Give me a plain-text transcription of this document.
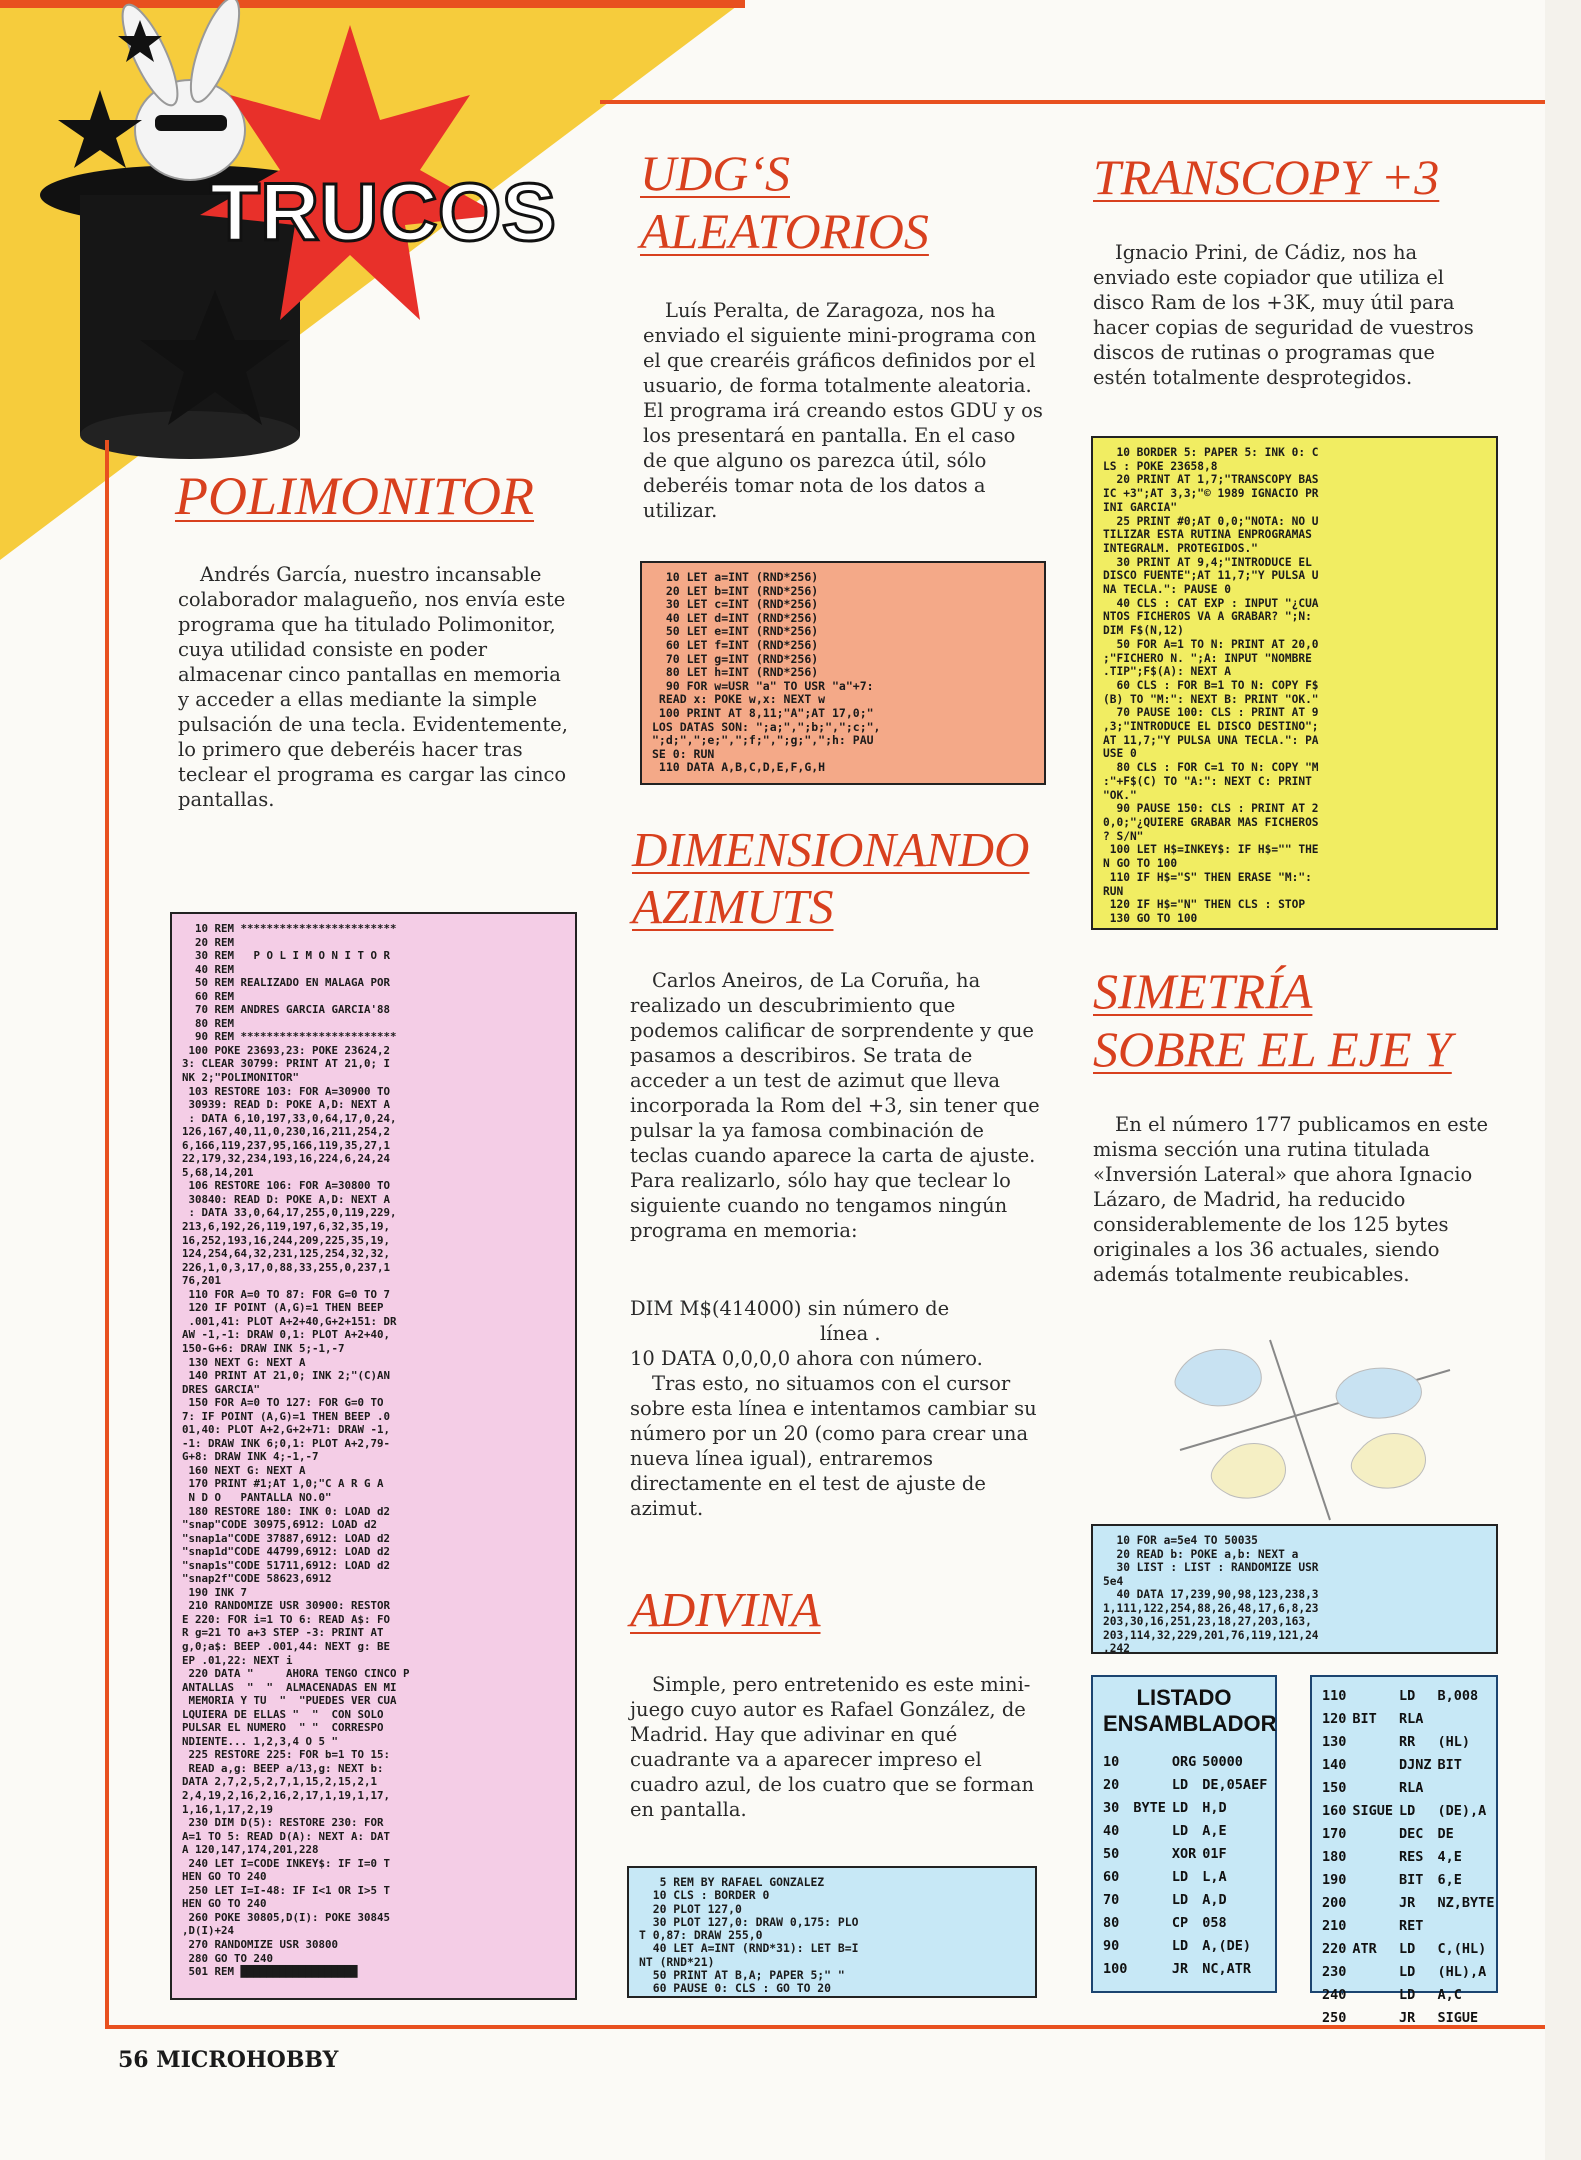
TRUCOS
POLIMONITOR

Andrés García, nuestro incansable colaborador malagueño, nos envía este programa que ha titulado Polimonitor, cuya utilidad consiste en poder almacenar cinco pantallas en memoria y acceder a ellas mediante la simple pulsación de una tecla. Evidentemente, lo primero que deberéis hacer tras teclear el programa es cargar las cinco pantallas.

10 REM ************************
20 REM
30 REM   P O L I M O N I T O R
40 REM
50 REM REALIZADO EN MALAGA POR
60 REM
70 REM ANDRES GARCIA GARCIA'88
80 REM
90 REM ************************
100 POKE 23693,23: POKE 23624,2
3: CLEAR 30799: PRINT AT 21,0; I
NK 2;"POLIMONITOR"
103 RESTORE 103: FOR A=30900 TO
30939: READ D: POKE A,D: NEXT A
: DATA 6,10,197,33,0,64,17,0,24,
126,167,40,11,0,230,16,211,254,2
6,166,119,237,95,166,119,35,27,1
22,179,32,234,193,16,224,6,24,24
5,68,14,201
106 RESTORE 106: FOR A=30800 TO
30840: READ D: POKE A,D: NEXT A
: DATA 33,0,64,17,255,0,119,229,
213,6,192,26,119,197,6,32,35,19,
16,252,193,16,244,209,225,35,19,
124,254,64,32,231,125,254,32,32,
226,1,0,3,17,0,88,33,255,0,237,1
76,201
110 FOR A=0 TO 87: FOR G=0 TO 7
120 IF POINT (A,G)=1 THEN BEEP
.001,41: PLOT A+2+40,G+2+151: DR
AW -1,-1: DRAW 0,1: PLOT A+2+40,
150-G+6: DRAW INK 5;-1,-7
130 NEXT G: NEXT A
140 PRINT AT 21,0; INK 2;"(C)AN
DRES GARCIA"
150 FOR A=0 TO 127: FOR G=0 TO
7: IF POINT (A,G)=1 THEN BEEP .0
01,40: PLOT A+2,G+2+71: DRAW -1,
-1: DRAW INK 6;0,1: PLOT A+2,79-
G+8: DRAW INK 4;-1,-7
160 NEXT G: NEXT A
170 PRINT #1;AT 1,0;"C A R G A
N D O   PANTALLA NO.0"
180 RESTORE 180: INK 0: LOAD d2
"snap"CODE 30975,6912: LOAD d2
"snap1a"CODE 37887,6912: LOAD d2
"snap1d"CODE 44799,6912: LOAD d2
"snap1s"CODE 51711,6912: LOAD d2
"snap2f"CODE 58623,6912
190 INK 7
210 RANDOMIZE USR 30900: RESTOR
E 220: FOR i=1 TO 6: READ A$: FO
R g=21 TO a+3 STEP -3: PRINT AT
g,0;a$: BEEP .001,44: NEXT g: BE
EP .01,22: NEXT i
220 DATA "     AHORA TENGO CINCO P
ANTALLAS  "  "  ALMACENADAS EN MI
MEMORIA Y TU  "  "PUEDES VER CUA
LQUIERA DE ELLAS "  "  CON SOLO
PULSAR EL NUMERO  " "  CORRESPO
NDIENTE... 1,2,3,4 O 5 "
225 RESTORE 225: FOR b=1 TO 15:
READ a,g: BEEP a/13,g: NEXT b:
DATA 2,7,2,5,2,7,1,15,2,15,2,1
2,4,19,2,16,2,16,2,17,1,19,1,17,
1,16,1,17,2,19
230 DIM D(5): RESTORE 230: FOR
A=1 TO 5: READ D(A): NEXT A: DAT
A 120,147,174,201,228
240 LET I=CODE INKEY$: IF I=0 T
HEN GO TO 240
250 LET I=I-48: IF I<1 OR I>5 T
HEN GO TO 240
260 POKE 30805,D(I): POKE 30845
,D(I)+24
270 RANDOMIZE USR 30800
280 GO TO 240
501 REM ██████████████████
UDG‘S
ALEATORIOS

Luís Peralta, de Zaragoza, nos ha enviado el siguiente mini-programa con el que crearéis gráficos definidos por el usuario, de forma totalmente aleatoria. El programa irá creando estos GDU y os los presentará en pantalla. En el caso de que alguno os parezca útil, sólo deberéis tomar nota de los datos a utilizar.

10 LET a=INT (RND*256)
20 LET b=INT (RND*256)
30 LET c=INT (RND*256)
40 LET d=INT (RND*256)
50 LET e=INT (RND*256)
60 LET f=INT (RND*256)
70 LET g=INT (RND*256)
80 LET h=INT (RND*256)
90 FOR w=USR "a" TO USR "a"+7:
READ x: POKE w,x: NEXT w
100 PRINT AT 8,11;"A";AT 17,0;"
LOS DATAS SON: ";a;",";b;",";c;",
";d;",";e;",";f;",";g;",";h: PAU
SE 0: RUN
110 DATA A,B,C,D,E,F,G,H
DIMENSIONANDO
AZIMUTS

Carlos Aneiros, de La Coruña, ha realizado un descubrimiento que podemos calificar de sorprendente y que pasamos a describiros. Se trata de acceder a un test de azimut que lleva incorporada la Rom del +3, sin tener que pulsar la ya famosa combinación de teclas cuando aparece la carta de ajuste. Para realizarlo, sólo hay que teclear lo siguiente cuando no tengamos ningún programa en memoria:

DIM M$(414000) sin número de
línea .
10 DATA 0,0,0,0 ahora con número.

Tras esto, no situamos con el cursor sobre esta línea e intentamos cambiar su número por un 20 (como para crear una nueva línea igual), entraremos directamente en el test de ajuste de azimut.

ADIVINA

Simple, pero entretenido es este mini-juego cuyo autor es Rafael González, de Madrid. Hay que adivinar en qué cuadrante va a aparecer impreso el cuadro azul, de los cuatro que se forman en pantalla.

5 REM BY RAFAEL GONZALEZ
10 CLS : BORDER 0
20 PLOT 127,0
30 PLOT 127,0: DRAW 0,175: PLO
T 0,87: DRAW 255,0
40 LET A=INT (RND*31): LET B=I
NT (RND*21)
50 PRINT AT B,A; PAPER 5;" "
60 PAUSE 0: CLS : GO TO 20
TRANSCOPY +3

Ignacio Prini, de Cádiz, nos ha enviado este copiador que utiliza el disco Ram de los +3K, muy útil para hacer copias de seguridad de vuestros discos de rutinas o programas que estén totalmente desprotegidos.

10 BORDER 5: PAPER 5: INK 0: C
LS : POKE 23658,8
20 PRINT AT 1,7;"TRANSCOPY BAS
IC +3";AT 3,3;"© 1989 IGNACIO PR
INI GARCIA"
25 PRINT #0;AT 0,0;"NOTA: NO U
TILIZAR ESTA RUTINA ENPROGRAMAS
INTEGRALM. PROTEGIDOS."
30 PRINT AT 9,4;"INTRODUCE EL
DISCO FUENTE";AT 11,7;"Y PULSA U
NA TECLA.": PAUSE 0
40 CLS : CAT EXP : INPUT "¿CUA
NTOS FICHEROS VA A GRABAR? ";N:
DIM F$(N,12)
50 FOR A=1 TO N: PRINT AT 20,0
;"FICHERO N. ";A: INPUT "NOMBRE
.TIP";F$(A): NEXT A
60 CLS : FOR B=1 TO N: COPY F$
(B) TO "M:": NEXT B: PRINT "OK."
70 PAUSE 100: CLS : PRINT AT 9
,3;"INTRODUCE EL DISCO DESTINO";
AT 11,7;"Y PULSA UNA TECLA.": PA
USE 0
80 CLS : FOR C=1 TO N: COPY "M
:"+F$(C) TO "A:": NEXT C: PRINT
"OK."
90 PAUSE 150: CLS : PRINT AT 2
0,0;"¿QUIERE GRABAR MAS FICHEROS
? S/N"
100 LET H$=INKEY$: IF H$="" THE
N GO TO 100
110 IF H$="S" THEN ERASE "M:":
RUN
120 IF H$="N" THEN CLS : STOP
130 GO TO 100
SIMETRÍA
SOBRE EL EJE Y

En el número 177 publicamos en este misma sección una rutina titulada «Inversión Lateral» que ahora Ignacio Lázaro, de Madrid, ha reducido considerablemente de los 125 bytes originales a los 36 actuales, siendo además totalmente reubicables.

10 FOR a=5e4 TO 50035
20 READ b: POKE a,b: NEXT a
30 LIST : LIST : RANDOMIZE USR
5e4
40 DATA 17,239,90,98,123,238,3
1,111,122,254,88,26,48,17,6,8,23
203,30,16,251,23,18,27,203,163,
203,114,32,229,201,76,119,121,24
,242
LISTADO
ENSAMBLADOR
10		ORG	50000
20		LD	DE,05AEF
30	BYTE	LD	H,D
40		LD	A,E
50		XOR	01F
60		LD	L,A
70		LD	A,D
80		CP	058
90		LD	A,(DE)
100		JR	NC,ATR
110		LD	B,008
120	BIT	RLA	
130		RR	(HL)
140		DJNZ	BIT
150		RLA	
160	SIGUE	LD	(DE),A
170		DEC	DE
180		RES	4,E
190		BIT	6,E
200		JR	NZ,BYTE
210		RET	
220	ATR	LD	C,(HL)
230		LD	(HL),A
240		LD	A,C
250		JR	SIGUE
56 MICROHOBBY
